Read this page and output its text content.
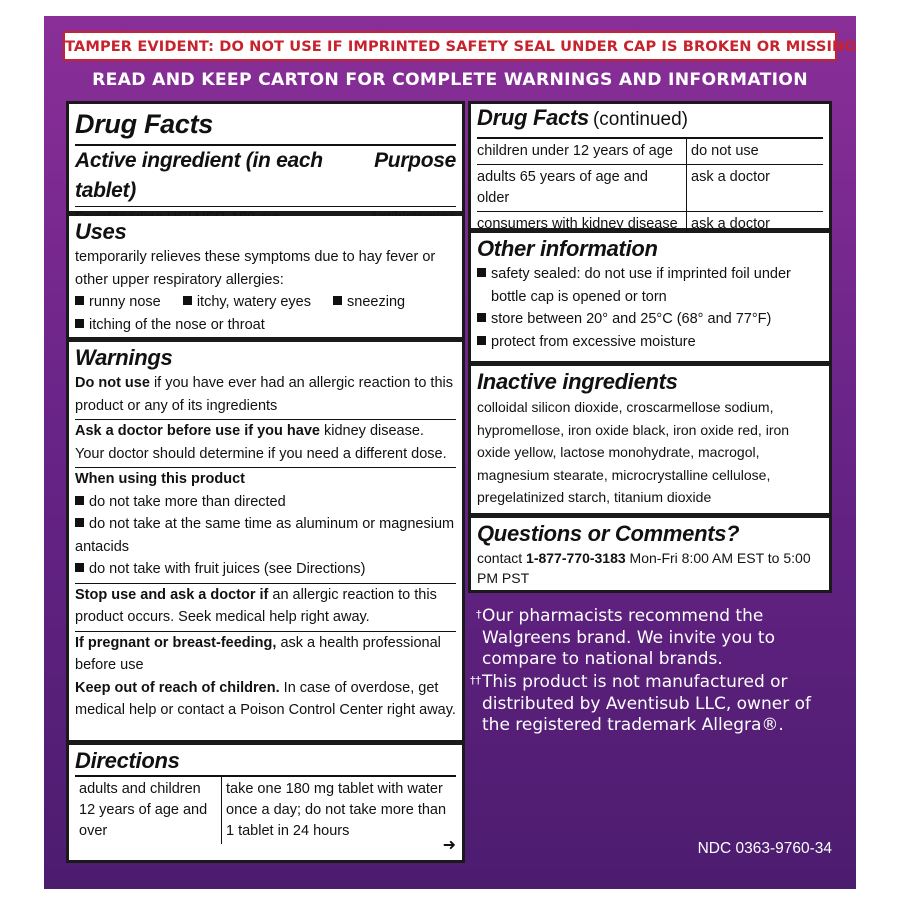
TAMPER EVIDENT: DO NOT USE IF IMPRINTED SAFETY SEAL UNDER CAP IS BROKEN OR MISSING
READ AND KEEP CARTON FOR COMPLETE WARNINGS AND INFORMATION
Drug Facts
Active ingredient (in each tablet)
Purpose
Uses
temporarily relieves these symptoms due to hay fever or other upper respiratory allergies:
runny nose itchy, watery eyes sneezing
itching of the nose or throat
Warnings
Do not use if you have ever had an allergic reaction to this product or any of its ingredients
Ask a doctor before use if you have kidney disease. Your doctor should determine if you need a different dose.
When using this product
do not take more than directed
do not take at the same time as aluminum or magnesium antacids
do not take with fruit juices (see Directions)
Stop use and ask a doctor if an allergic reaction to this product occurs. Seek medical help right away.
If pregnant or breast-feeding, ask a health professional before use
Keep out of reach of children. In case of overdose, get medical help or contact a Poison Control Center right away.
Directions
adults and children 12 years of age and over	take one 180 mg tablet with water once a day; do not take more than 1 tablet in 24 hours
➜
Drug Facts (continued)
children under 12 years of age	do not use
adults 65 years of age and older	ask a doctor
consumers with kidney disease	ask a doctor
Other information
safety sealed: do not use if imprinted foil under bottle cap is opened or torn
store between 20° and 25°C (68° and 77°F)
protect from excessive moisture
Inactive ingredients
colloidal silicon dioxide, croscarmellose sodium, hypromellose, iron oxide black, iron oxide red, iron oxide yellow, lactose monohydrate, macrogol, magnesium stearate, microcrystalline cellulose, pregelatinized starch, titanium dioxide
Questions or Comments?
contact 1-877-770-3183 Mon-Fri 8:00 AM EST to 5:00 PM PST
† Our pharmacists recommend the Walgreens brand. We invite you to compare to national brands.
†† This product is not manufactured or distributed by Aventisub LLC, owner of the registered trademark Allegra®.
NDC 0363-9760-34
